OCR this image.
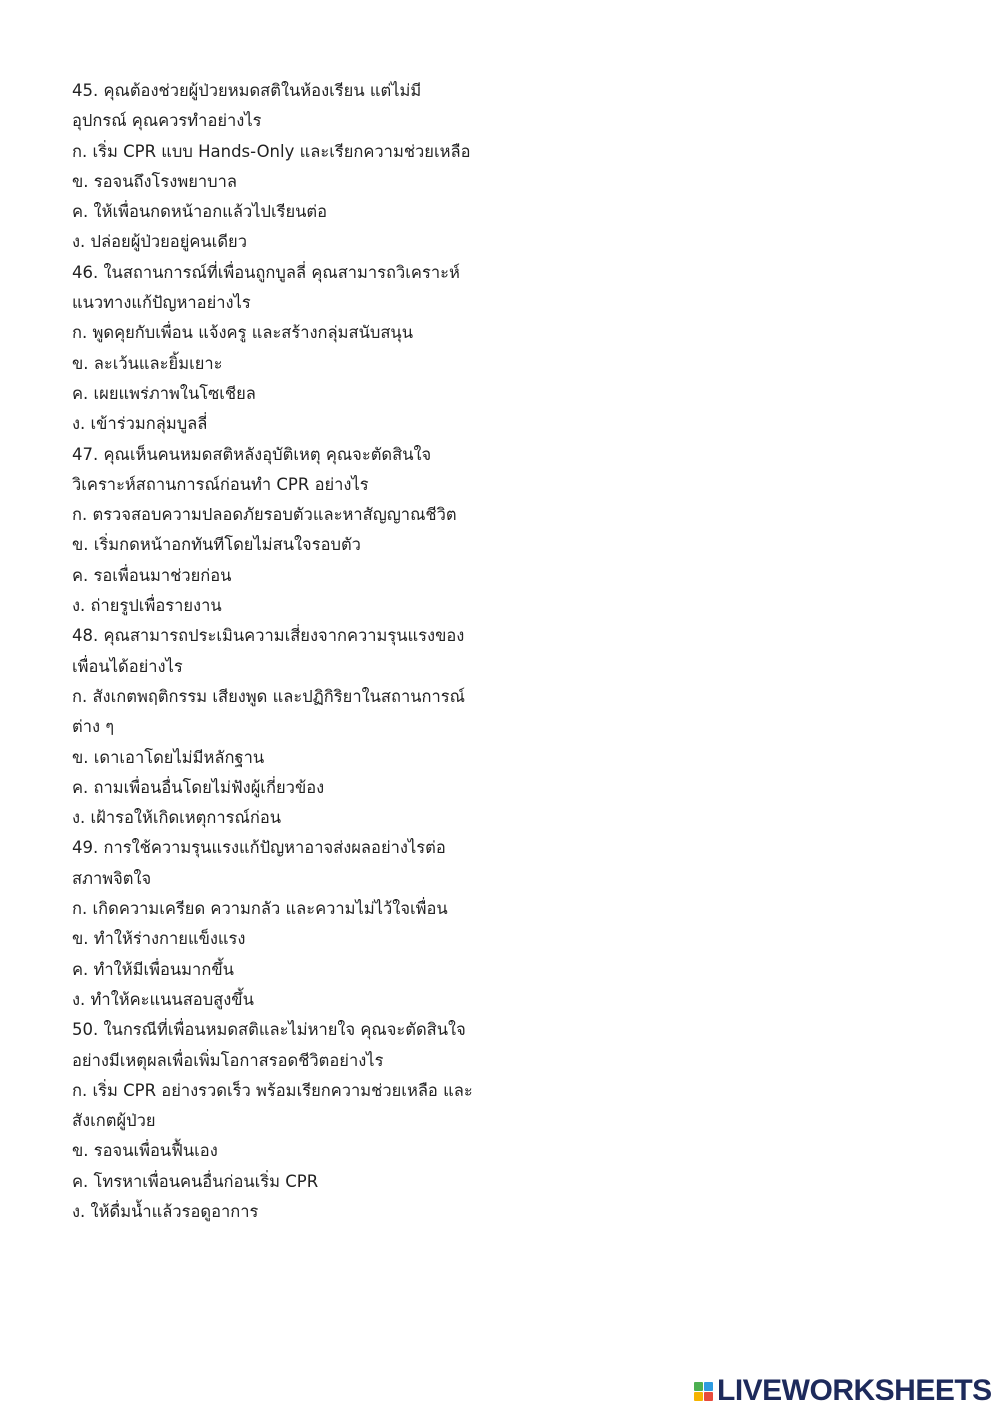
45. คุณต้องช่วยผู้ป่วยหมดสติในห้องเรียน แต่ไม่มี
อุปกรณ์ คุณควรทำอย่างไร
ก. เริ่ม CPR แบบ Hands-Only และเรียกความช่วยเหลือ
ข. รอจนถึงโรงพยาบาล
ค. ให้เพื่อนกดหน้าอกแล้วไปเรียนต่อ
ง. ปล่อยผู้ป่วยอยู่คนเดียว
46. ในสถานการณ์ที่เพื่อนถูกบูลลี่ คุณสามารถวิเคราะห์
แนวทางแก้ปัญหาอย่างไร
ก. พูดคุยกับเพื่อน แจ้งครู และสร้างกลุ่มสนับสนุน
ข. ละเว้นและยิ้มเยาะ
ค. เผยแพร่ภาพในโซเชียล
ง. เข้าร่วมกลุ่มบูลลี่
47. คุณเห็นคนหมดสติหลังอุบัติเหตุ คุณจะตัดสินใจ
วิเคราะห์สถานการณ์ก่อนทำ CPR อย่างไร
ก. ตรวจสอบความปลอดภัยรอบตัวและหาสัญญาณชีวิต
ข. เริ่มกดหน้าอกทันทีโดยไม่สนใจรอบตัว
ค. รอเพื่อนมาช่วยก่อน
ง. ถ่ายรูปเพื่อรายงาน
48. คุณสามารถประเมินความเสี่ยงจากความรุนแรงของ
เพื่อนได้อย่างไร
ก. สังเกตพฤติกรรม เสียงพูด และปฏิกิริยาในสถานการณ์
ต่าง ๆ
ข. เดาเอาโดยไม่มีหลักฐาน
ค. ถามเพื่อนอื่นโดยไม่ฟังผู้เกี่ยวข้อง
ง. เฝ้ารอให้เกิดเหตุการณ์ก่อน
49. การใช้ความรุนแรงแก้ปัญหาอาจส่งผลอย่างไรต่อ
สภาพจิตใจ
ก. เกิดความเครียด ความกลัว และความไม่ไว้ใจเพื่อน
ข. ทำให้ร่างกายแข็งแรง
ค. ทำให้มีเพื่อนมากขึ้น
ง. ทำให้คะแนนสอบสูงขึ้น
50. ในกรณีที่เพื่อนหมดสติและไม่หายใจ คุณจะตัดสินใจ
อย่างมีเหตุผลเพื่อเพิ่มโอกาสรอดชีวิตอย่างไร
ก. เริ่ม CPR อย่างรวดเร็ว พร้อมเรียกความช่วยเหลือ และ
สังเกตผู้ป่วย
ข. รอจนเพื่อนฟื้นเอง
ค. โทรหาเพื่อนคนอื่นก่อนเริ่ม CPR
ง. ให้ดื่มน้ำแล้วรอดูอาการ
LIVEWORKSHEETS
